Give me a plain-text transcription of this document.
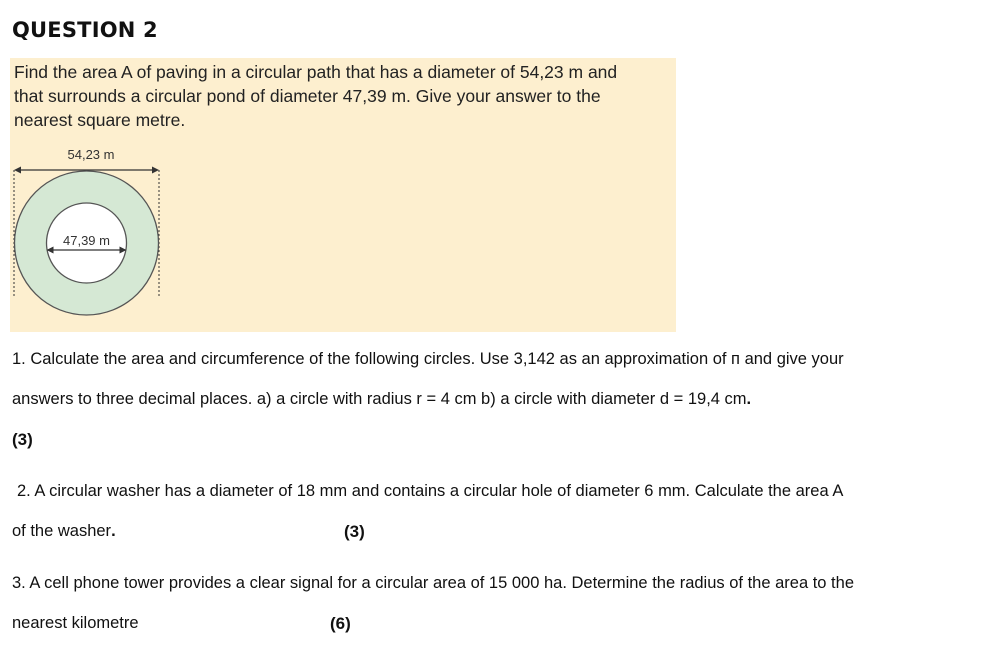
QUESTION 2
Find the area A of paving in a circular path that has a diameter of 54,23 m and
that surrounds a circular pond of diameter 47,39 m. Give your answer to the
nearest square metre.
54,23 m
47,39 m
1. Calculate the area and circumference of the following circles. Use 3,142 as an approximation of п and give your
answers to three decimal places. a) a circle with radius r = 4 cm b) a circle with diameter d = 19,4 cm.
(3)
2. A circular washer has a diameter of 18 mm and contains a circular hole of diameter 6 mm. Calculate the area A
of the washer.	(3)
3. A cell phone tower provides a clear signal for a circular area of 15 000 ha. Determine the radius of the area to the
nearest kilometre	(6)
